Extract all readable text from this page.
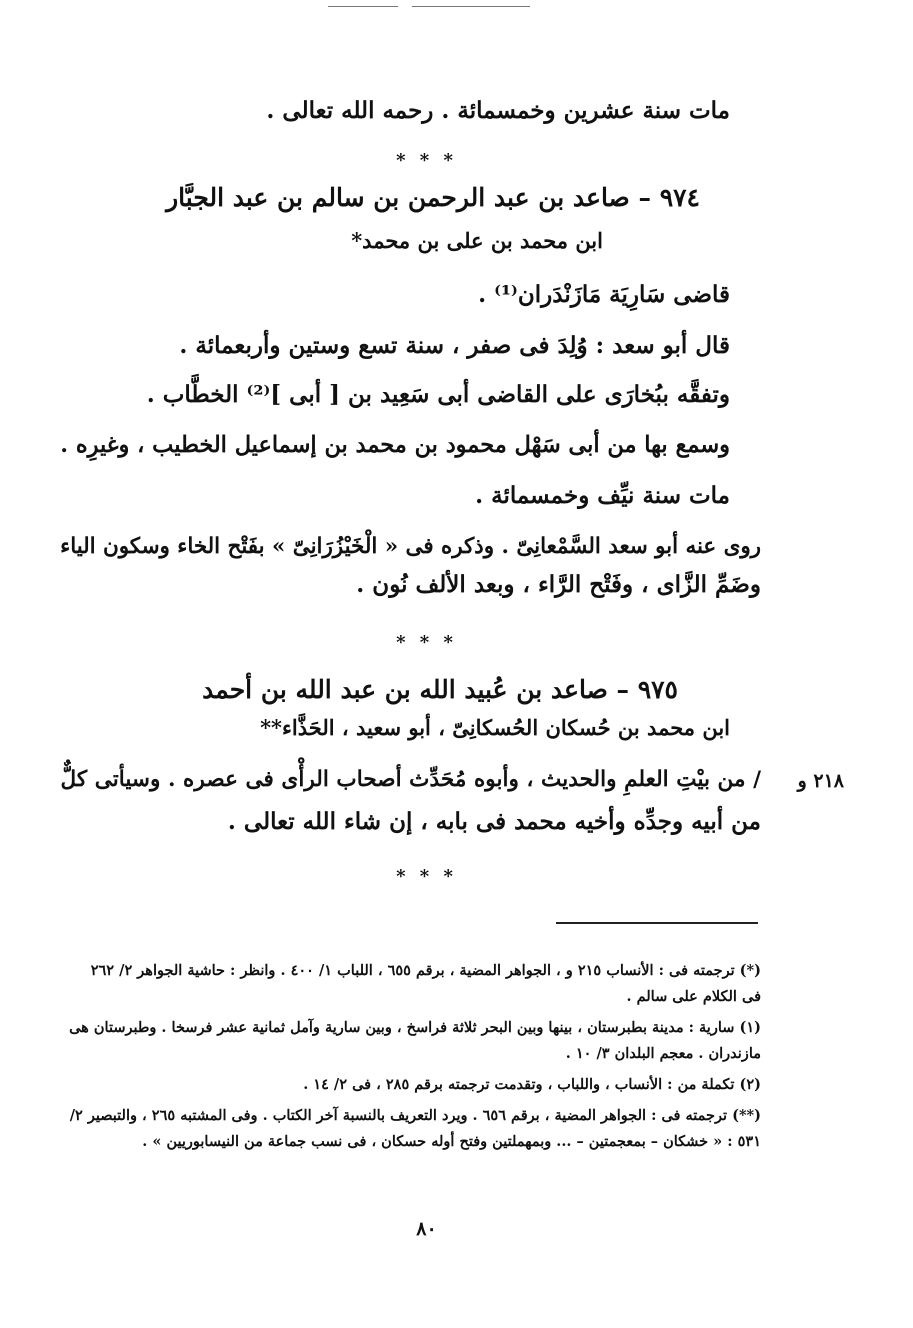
مات سنة عشرين وخمسمائة . رحمه الله تعالى .
* * *
٩٧٤ – صاعد بن عبد الرحمن بن سالم بن عبد الجبَّار
ابن محمد بن على بن محمد*
قاضى سَارِيَة مَازَنْدَران⁽¹⁾ .
قال أبو سعد : وُلِدَ فى صفر ، سنة تسع وستين وأربعمائة .
وتفقَّه ببُخارَى على القاضى أبى سَعِيد بن [ أبى ]⁽²⁾ الخطَّاب .
وسمع بها من أبى سَهْل محمود بن محمد بن إسماعيل الخطيب ، وغيرِه .
مات سنة نيِّف وخمسمائة .
روى عنه أبو سعد السَّمْعانِىّ . وذكره فى « الْخَيْزُرَانِىّ » بفَتْح الخاء وسكون الياء
وضَمِّ الزَّاى ، وفَتْح الرَّاء ، وبعد الألف نُون .
* * *
٩٧٥ – صاعد بن عُبيد الله بن عبد الله بن أحمد
ابن محمد بن حُسكان الحُسكانِىّ ، أبو سعيد ، الحَذَّاء**
٢١٨ و
/ من بيْتِ العلمِ والحديث ، وأبوه مُحَدِّث أصحاب الرأْى فى عصره . وسيأتى كلٌّ
من أبيه وجدِّه وأخيه محمد فى بابه ، إن شاء الله تعالى .
* * *
(*) ترجمته فى : الأنساب ٢١٥ و ، الجواهر المضية ، برقم ٦٥٥ ، اللباب ١/ ٤٠٠ . وانظر : حاشية الجواهر ٢/ ٢٦٢
فى الكلام على سالم .
(١) سارية : مدينة بطبرستان ، بينها وبين البحر ثلاثة فراسخ ، وبين سارية وآمل ثمانية عشر فرسخا . وطبرستان هى
مازندران . معجم البلدان ٣/ ١٠ .
(٢) تكملة من : الأنساب ، واللباب ، وتقدمت ترجمته برقم ٢٨٥ ، فى ٢/ ١٤ .
(**) ترجمته فى : الجواهر المضية ، برقم ٦٥٦ . ويرد التعريف بالنسبة آخر الكتاب . وفى المشتبه ٢٦٥ ، والتبصير ٢/
٥٣١ : « خشكان – بمعجمتين – ... وبمهملتين وفتح أوله حسكان ، فى نسب جماعة من النيسابوريين » .
٨٠
